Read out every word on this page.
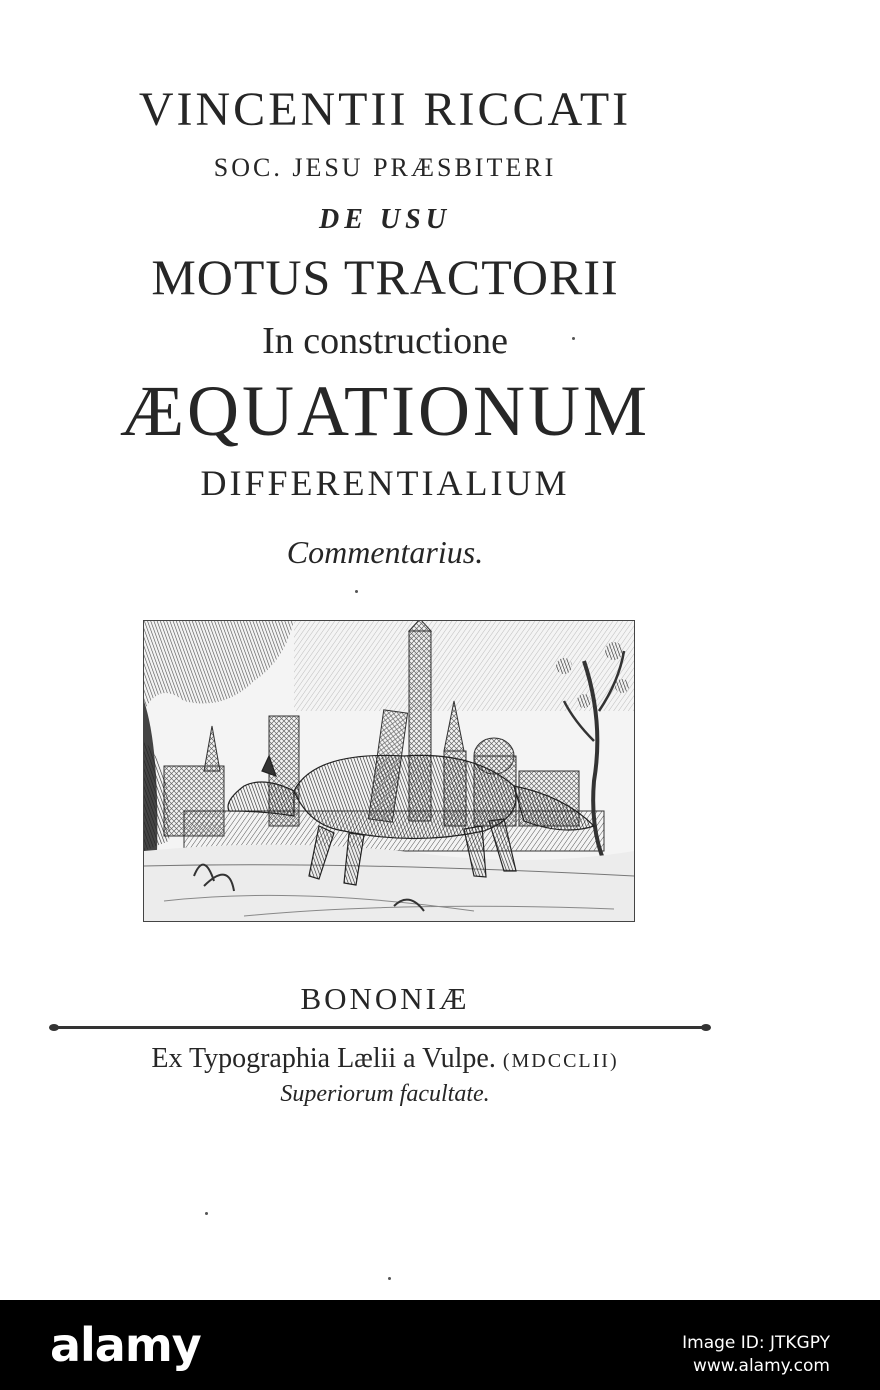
VINCENTII RICCATI
SOC. JESU PRÆSBITERI
DE USU
MOTUS TRACTORII
In constructione
ÆQUATIONUM
DIFFERENTIALIUM
Commentarius.
BONONIÆ
Ex Typographia Lælii a Vulpe. (MDCCLII)
Superiorum facultate.
alamy	Image ID: JTKGPY
www.alamy.com
